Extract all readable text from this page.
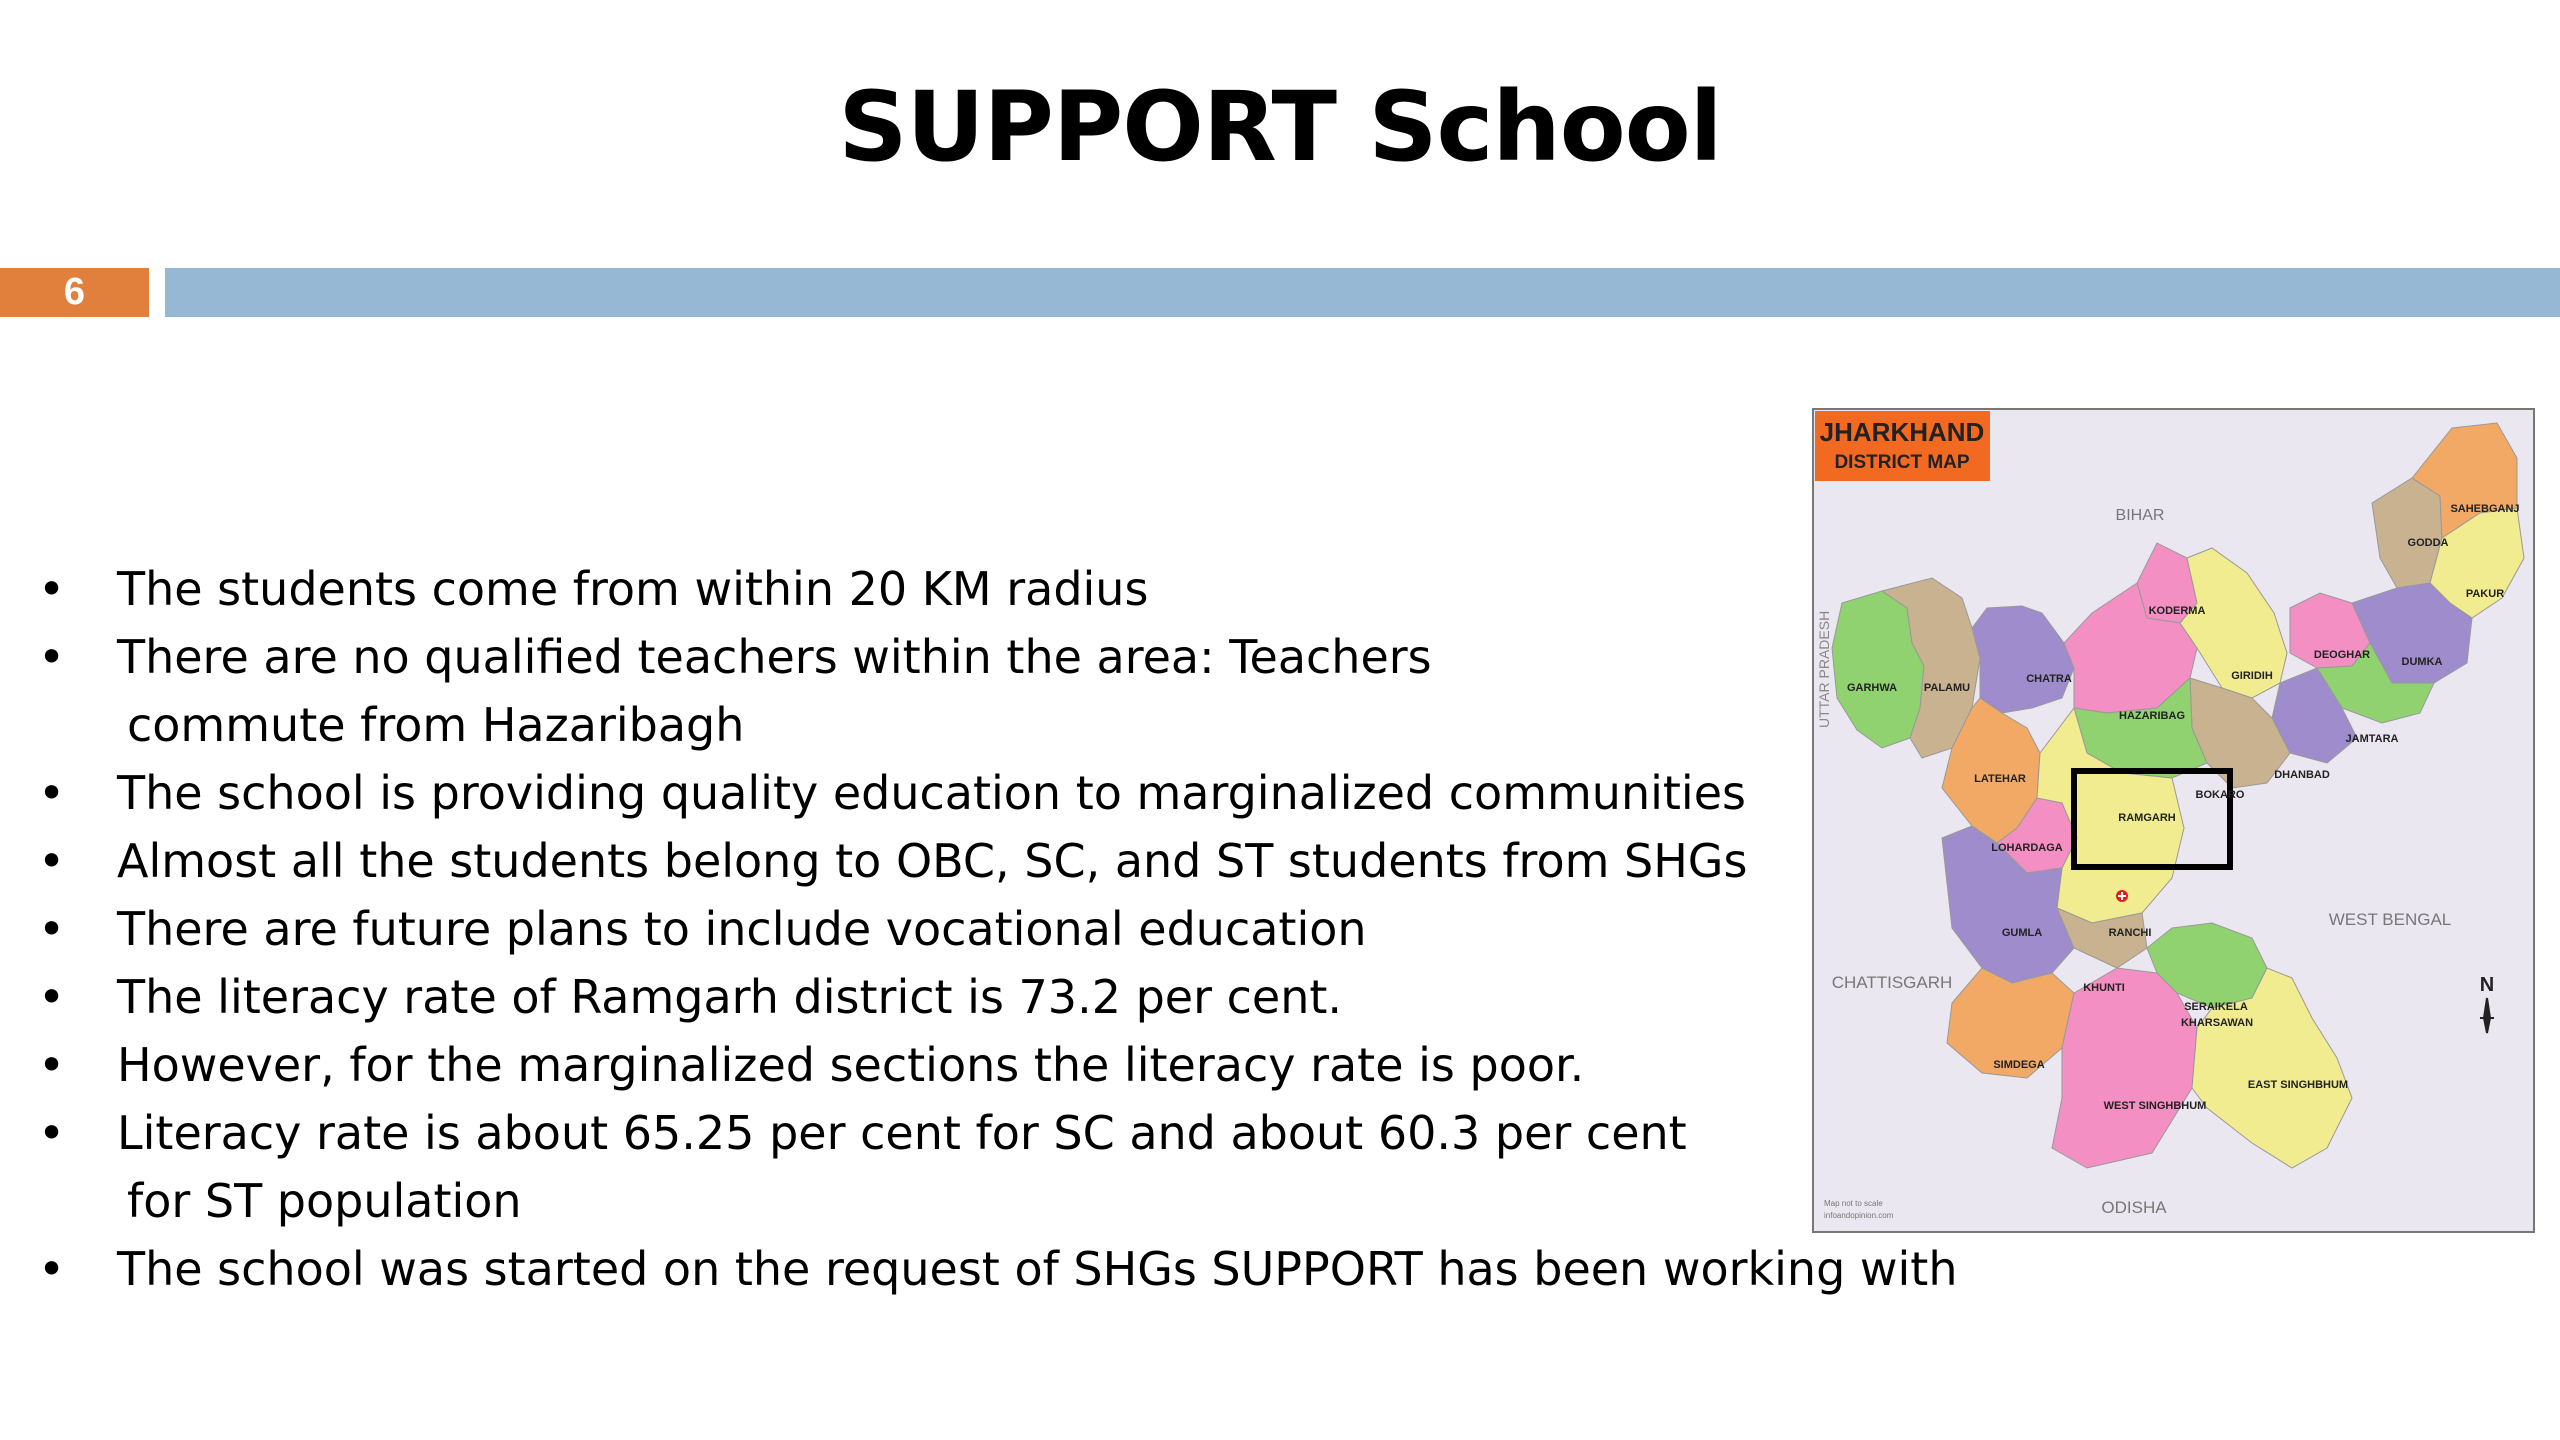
SUPPORT School
6
• The students come from within 20 KM radius
• There are no qualified teachers within the area: Teachers
commute from Hazaribagh
• The school is providing quality education to marginalized communities
• Almost all the students belong to OBC, SC, and ST students from SHGs
• There are future plans to include vocational education
• The literacy rate of Ramgarh district is 73.2 per cent.
• However, for the marginalized sections the literacy rate is poor.
• Literacy rate is about 65.25 per cent for SC and about 60.3 per cent
for ST population
• The school was started on the request of SHGs SUPPORT has been working with
JHARKHAND
DISTRICT MAP
BIHAR
UTTAR PRADESH
WEST BENGAL
CHATTISGARH
ODISHA
GARHWA PALAMU
CHATRA
KODERMA
GIRIDIH
DEOGHAR
DUMKA
GODDA
SAHEBGANJ
PAKUR
JAMTARA
DHANBAD
BOKARO
HAZARIBAG
RAMGARH
LATEHAR
LOHARDAGA
GUMLA	RANCHI
KHUNTI
SIMDEGA
SERAIKELA
KHARSAWAN
WEST SINGHBHUM
EAST SINGHBHUM
N
Map not to scale
infoandopinion.com
